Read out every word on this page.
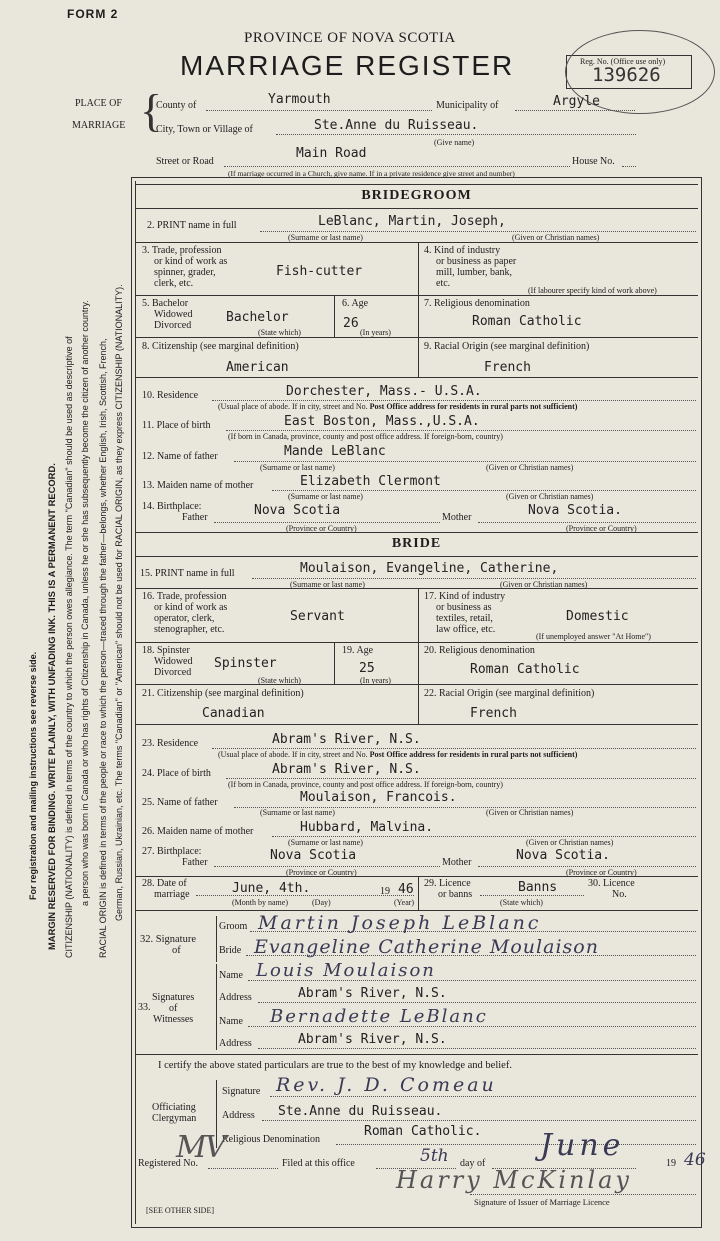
FORM 2
PROVINCE OF NOVA SCOTIA
MARRIAGE REGISTER	Reg. No. (Office use only)
139626
PLACE OF
MARRIAGE {
County of	Yarmouth	Municipality of	Argyle
City, Town or Village of	Ste.Anne du Ruisseau.
(Give name)
Street or Road
Main Road
House No.
(If marriage occurred in a Church, give name. If in a private residence give street and number)
For registration and mailing instructions see reverse side. MARGIN RESERVED FOR BINDING. WRITE PLAINLY, WITH UNFADING INK. THIS IS A PERMANENT RECORD. CITIZENSHIP (NATIONALITY) is defined in terms of the country to which the person owes allegiance. The term "Canadian" should be used as descriptive of a person who was born in Canada or who has rights of Citizenship in Canada, unless he or she has subsequently become the citizen of another country. RACIAL ORIGIN is defined in terms of the people or race to which the person—traced through the father—belongs, whether English, Irish, Scottish, French, German, Russian, Ukrainian, etc. The terms "Canadian" or "American" should not be used for RACIAL ORIGIN, as they express CITIZENSHIP (NATIONALITY).
BRIDEGROOM
2. PRINT name in full	LeBlanc, Martin, Joseph,
(Surname or last name)	(Given or Christian names)
3. Trade, profession
or kind of work as
spinner, grader,
clerk, etc.
Fish-cutter
4. Kind of industry
or business as paper
mill, lumber, bank,
etc.
(If labourer specify kind of work above)
5. Bachelor
Widowed
Divorced
Bachelor
(State which)
6. Age
26
(In years)
7. Religious denomination
Roman Catholic
8. Citizenship (see marginal definition)
American
9. Racial Origin (see marginal definition)
French
10. Residence	Dorchester, Mass.- U.S.A.
(Usual place of abode. If in city, street and No. Post Office address for residents in rural parts not sufficient)
11. Place of birth	East Boston, Mass.,U.S.A.
(If born in Canada, province, county and post office address. If foreign-born, country)
12. Name of father	Mande LeBlanc
(Surname or last name)	(Given or Christian names)
13. Maiden name of mother	Elizabeth Clermont
(Surname or last name)	(Given or Christian names)
14. Birthplace:
Father	Nova Scotia
(Province or Country)
Mother	Nova Scotia.
(Province or Country)
BRIDE
15. PRINT name in full	Moulaison, Evangeline, Catherine,
(Surname or last name)	(Given or Christian names)
16. Trade, profession
or kind of work as
operator, clerk,
stenographer, etc.
Servant
17. Kind of industry
or business as
textiles, retail,
law office, etc.
Domestic
(If unemployed answer "At Home")
18. Spinster
Widowed
Divorced
Spinster
(State which)
19. Age
25
(In years)
20. Religious denomination
Roman Catholic
21. Citizenship (see marginal definition)
Canadian
22. Racial Origin (see marginal definition)
French
23. Residence	Abram's River, N.S.
(Usual place of abode. If in city, street and No. Post Office address for residents in rural parts not sufficient)
24. Place of birth	Abram's River, N.S.
(If born in Canada, province, county and post office address. If foreign-born, country)
25. Name of father	Moulaison, Francois.
(Surname or last name)	(Given or Christian names)
26. Maiden name of mother	Hubbard, Malvina.
(Surname or last name)	(Given or Christian names)
27. Birthplace:
Father	Nova Scotia
(Province or Country)
Mother	Nova Scotia.
(Province or Country)
28. Date of
marriage	June, 4th.	19 46
(Month by name)	(Day)	(Year)
29. Licence
or banns	Banns
(State which)
30. Licence
No.
32. Signature
of
Groom Martin Joseph LeBlanc
Bride Evangeline Catherine Moulaison
33.
Signatures
of
Witnesses
Name Louis Moulaison
Address	Abram's River, N.S.
Name Bernadette LeBlanc
Address	Abram's River, N.S.
I certify the above stated particulars are true to the best of my knowledge and belief.
Officiating
Clergyman
Signature Rev. J. D. Comeau
Address Ste.Anne du Ruisseau.
Religious Denomination
Roman Catholic.
Registered No.
MV	Filed at this office	5th day of
June
19 46
Harry McKinlay
Signature of Issuer of Marriage Licence
[SEE OTHER SIDE]
